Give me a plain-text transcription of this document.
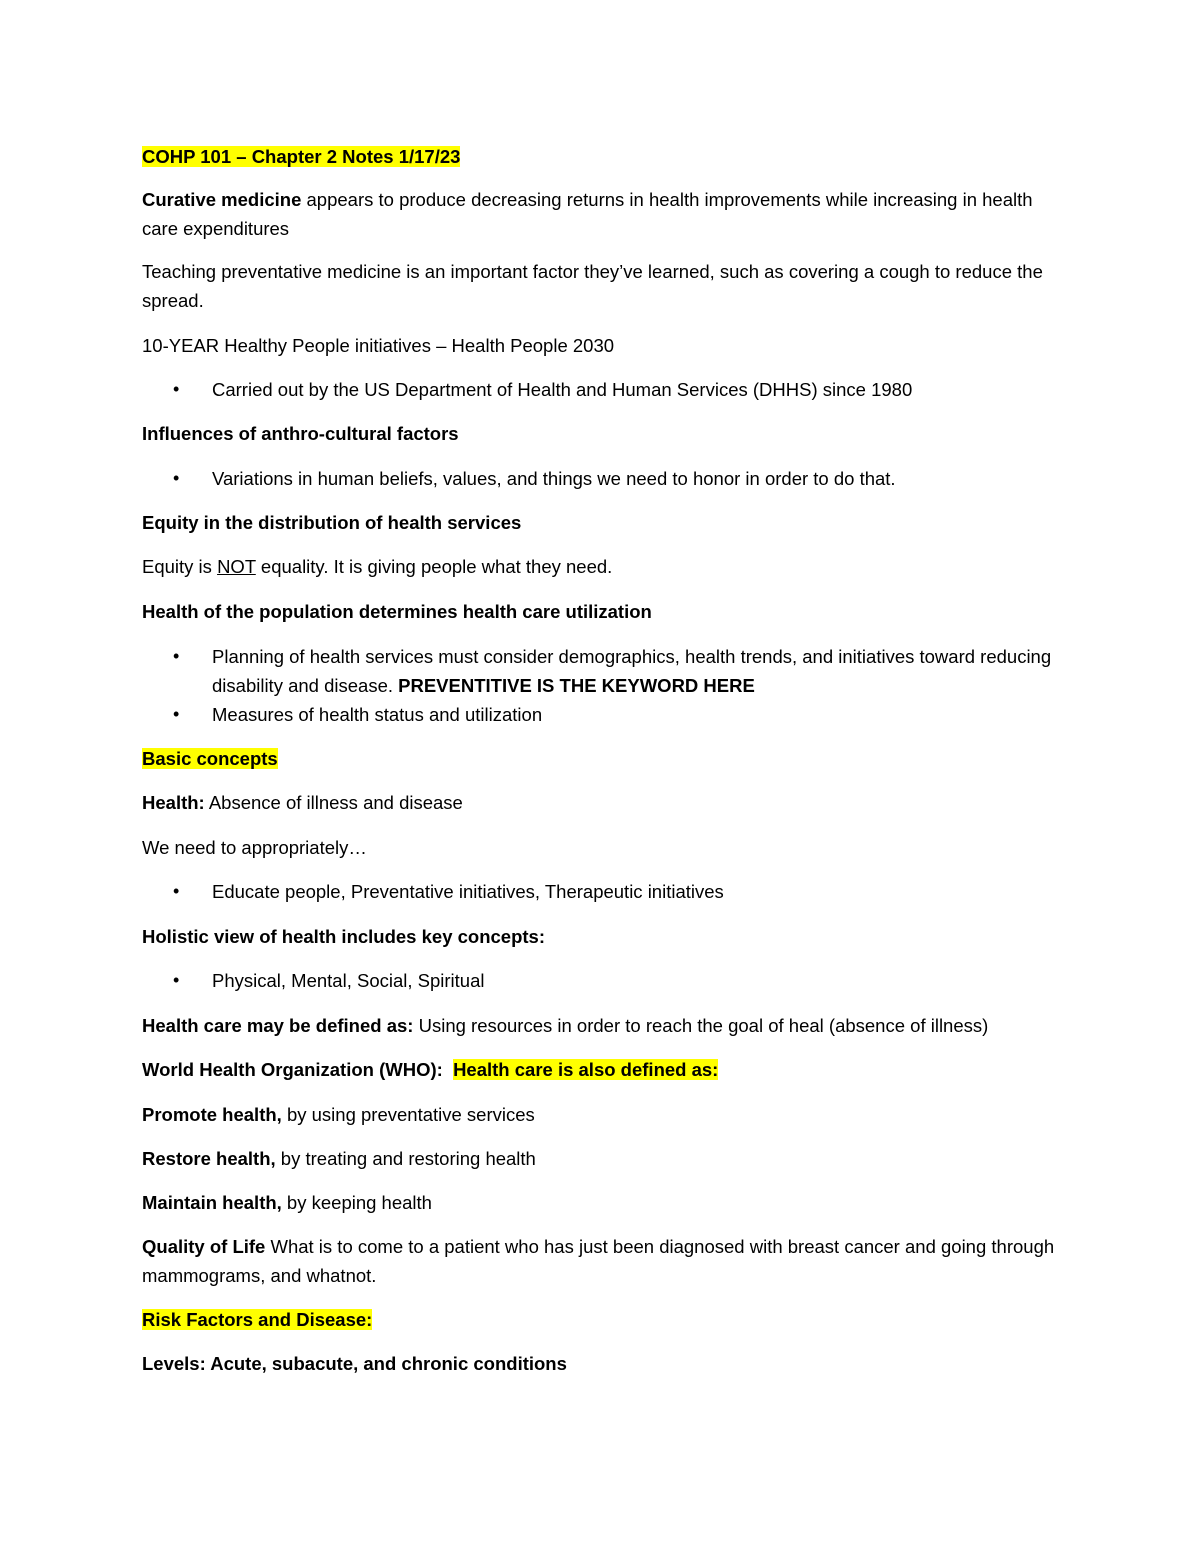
COHP 101 – Chapter 2 Notes 1/17/23

Curative medicine appears to produce decreasing returns in health improvements while increasing in health care expenditures

Teaching preventative medicine is an important factor they’ve learned, such as covering a cough to reduce the spread.

10-YEAR Healthy People initiatives – Health People 2030

• Carried out by the US Department of Health and Human Services (DHHS) since 1980

Influences of anthro-cultural factors

• Variations in human beliefs, values, and things we need to honor in order to do that.

Equity in the distribution of health services

Equity is NOT equality. It is giving people what they need.

Health of the population determines health care utilization

• Planning of health services must consider demographics, health trends, and initiatives toward reducing disability and disease. PREVENTITIVE IS THE KEYWORD HERE
• Measures of health status and utilization

Basic concepts

Health: Absence of illness and disease

We need to appropriately…

• Educate people, Preventative initiatives, Therapeutic initiatives

Holistic view of health includes key concepts:

• Physical, Mental, Social, Spiritual

Health care may be defined as: Using resources in order to reach the goal of heal (absence of illness)

World Health Organization (WHO): Health care is also defined as:

Promote health, by using preventative services

Restore health, by treating and restoring health

Maintain health, by keeping health

Quality of Life What is to come to a patient who has just been diagnosed with breast cancer and going through mammograms, and whatnot.

Risk Factors and Disease:

Levels: Acute, subacute, and chronic conditions
